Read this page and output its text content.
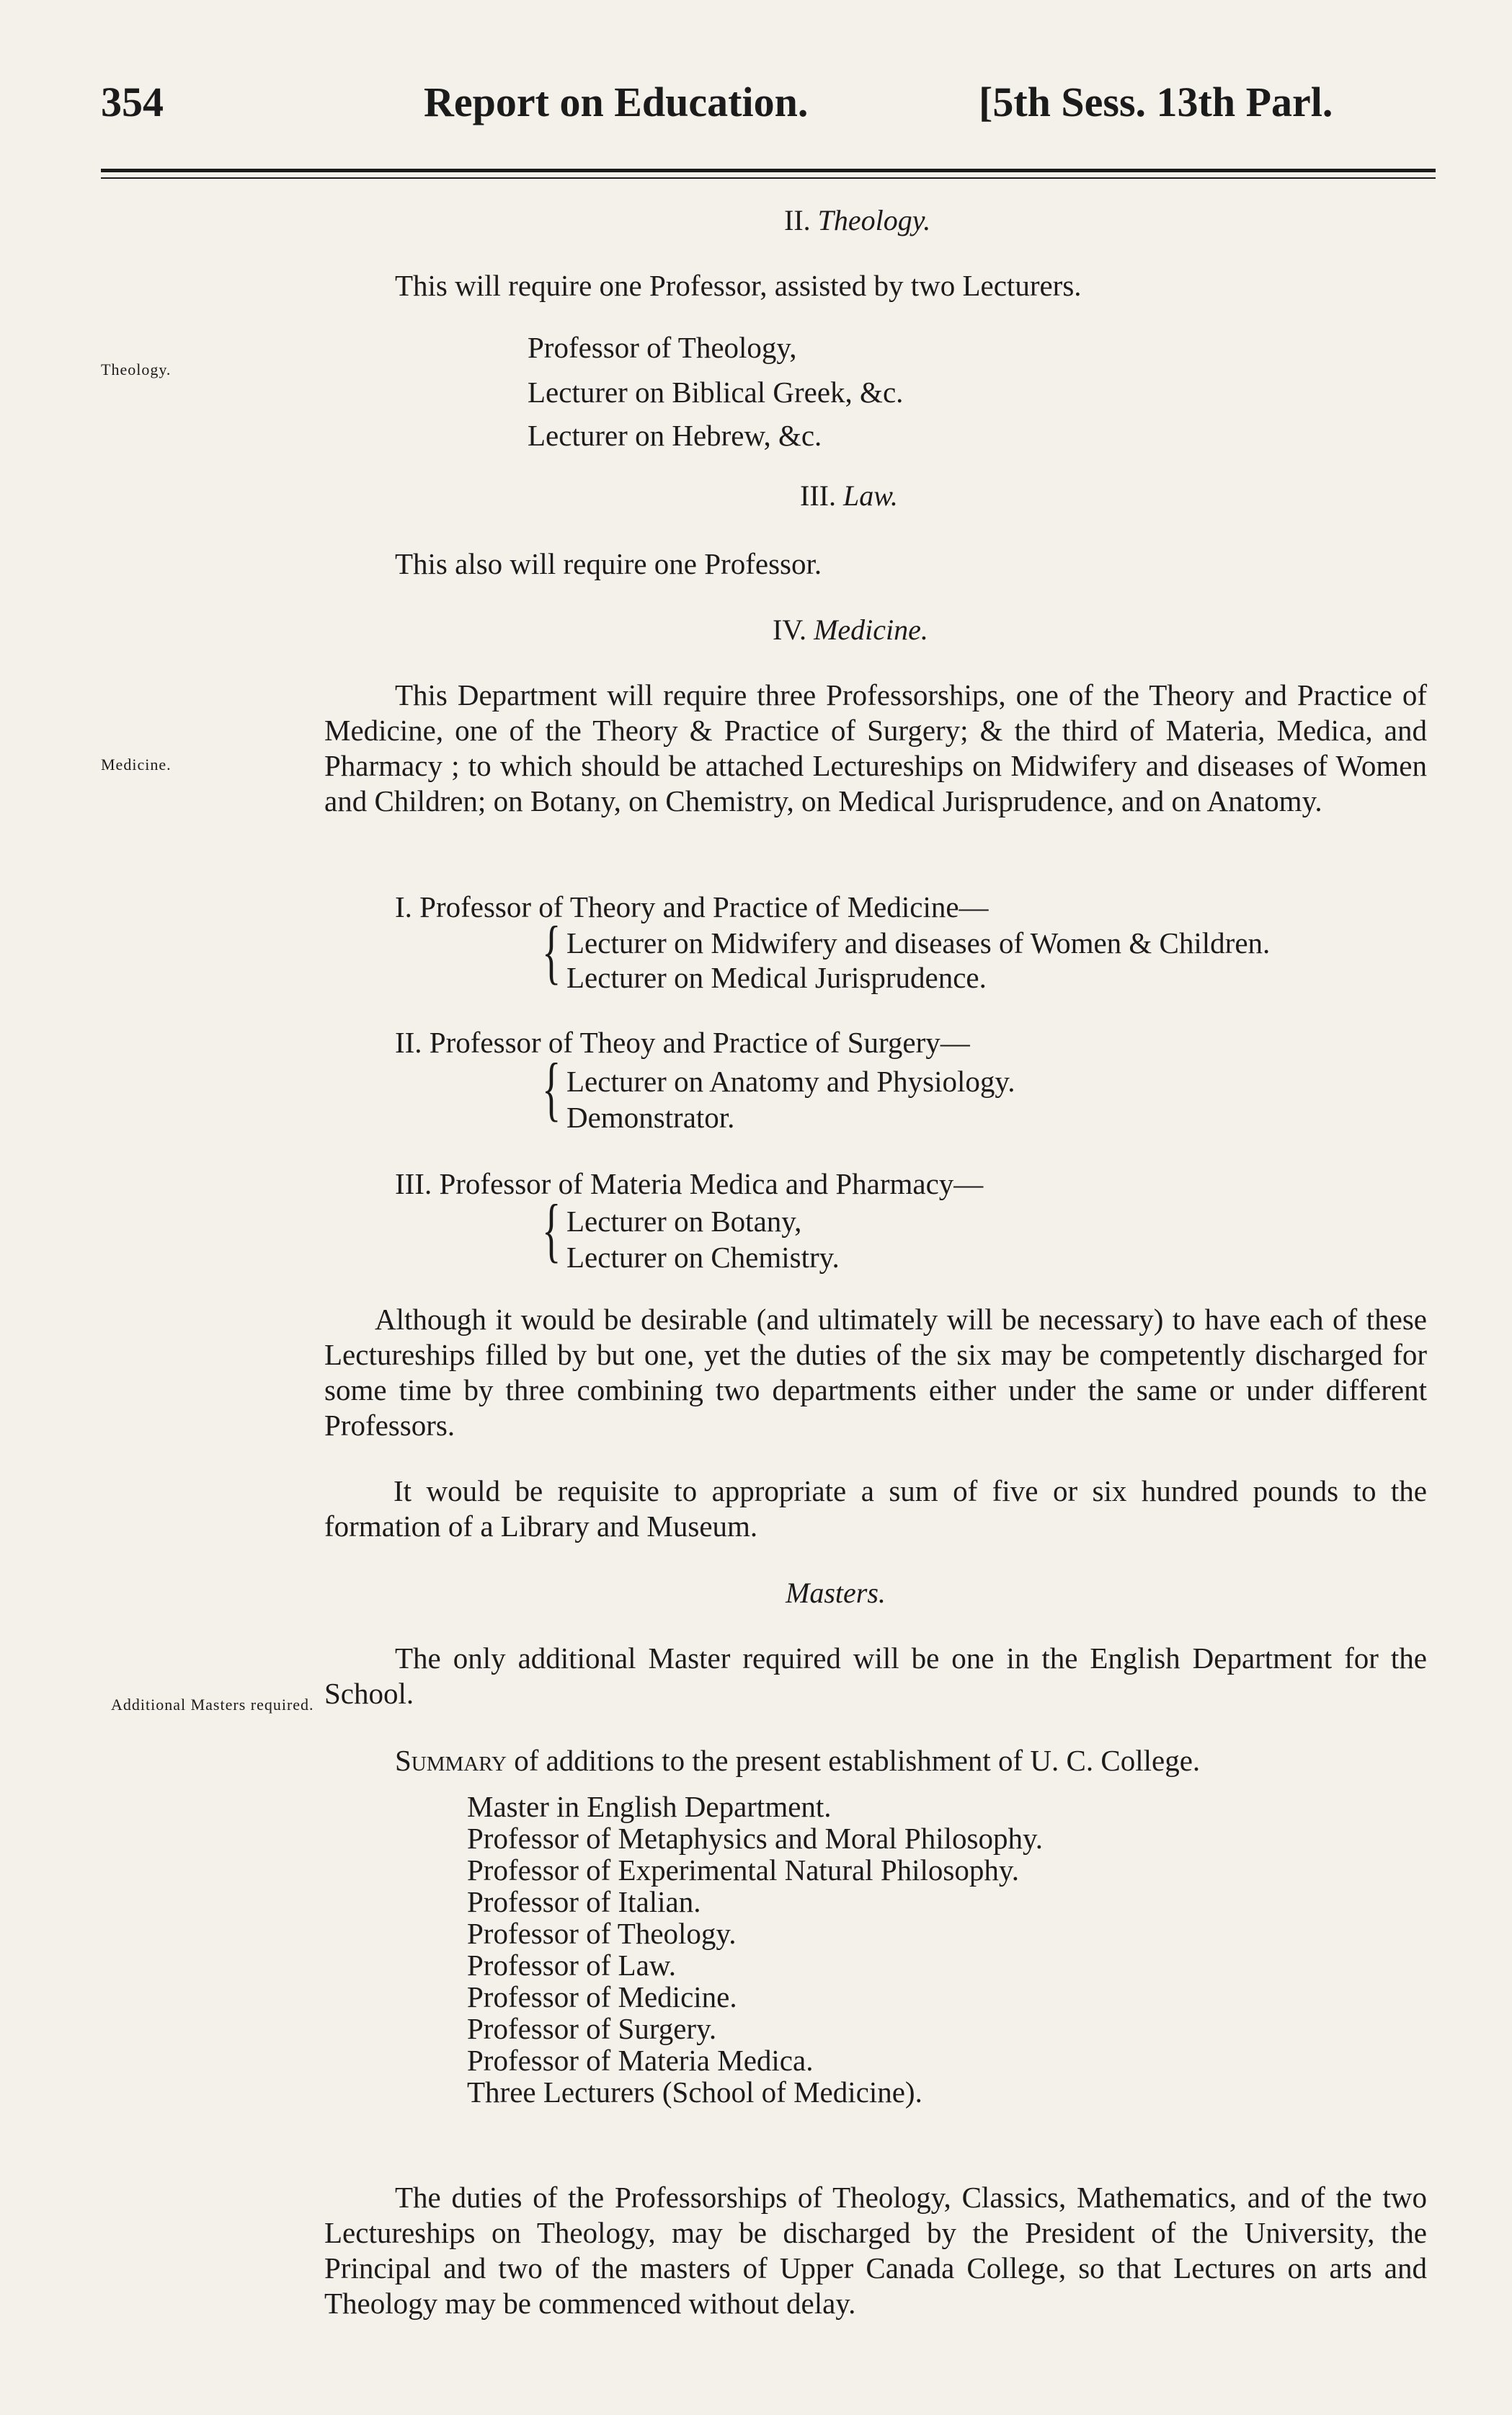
354	Report on Education.	[5th Sess. 13th Parl.
Theology.
Medicine.
Additional Masters required.
II. Theology.
This will require one Professor, assisted by two Lecturers.
Professor of Theology,
Lecturer on Biblical Greek, &c.
Lecturer on Hebrew, &c.
III. Law.
This also will require one Professor.
IV. Medicine.
This Department will require three Professorships, one of the Theory and Practice of Medicine, one of the Theory & Practice of Surgery; & the third of Materia, Medica, and Pharmacy ; to which should be attached Lectureships on Midwifery and diseases of Women and Children; on Botany, on Chemistry, on Medical Jurisprudence, and on Anatomy.
I. Professor of Theory and Practice of Medicine—
{ Lecturer on Midwifery and diseases of Women & Children.
Lecturer on Medical Jurisprudence.
II. Professor of Theoy and Practice of Surgery—
{ Lecturer on Anatomy and Physiology.
Demonstrator.
III. Professor of Materia Medica and Pharmacy—
{ Lecturer on Botany,
Lecturer on Chemistry.
Although it would be desirable (and ultimately will be necessary) to have each of these Lectureships filled by but one, yet the duties of the six may be competently discharged for some time by three combining two departments either under the same or under different Professors.
It would be requisite to appropriate a sum of five or six hundred pounds to the formation of a Library and Museum.
Masters.
The only additional Master required will be one in the English Department for the School.
Summary of additions to the present establishment of U. C. College.
Master in English Department.
Professor of Metaphysics and Moral Philosophy.
Professor of Experimental Natural Philosophy.
Professor of Italian.
Professor of Theology.
Professor of Law.
Professor of Medicine.
Professor of Surgery.
Professor of Materia Medica.
Three Lecturers (School of Medicine).
The duties of the Professorships of Theology, Classics, Mathematics, and of the two Lectureships on Theology, may be discharged by the President of the University, the Principal and two of the masters of Upper Canada College, so that Lectures on arts and Theology may be commenced without delay.
